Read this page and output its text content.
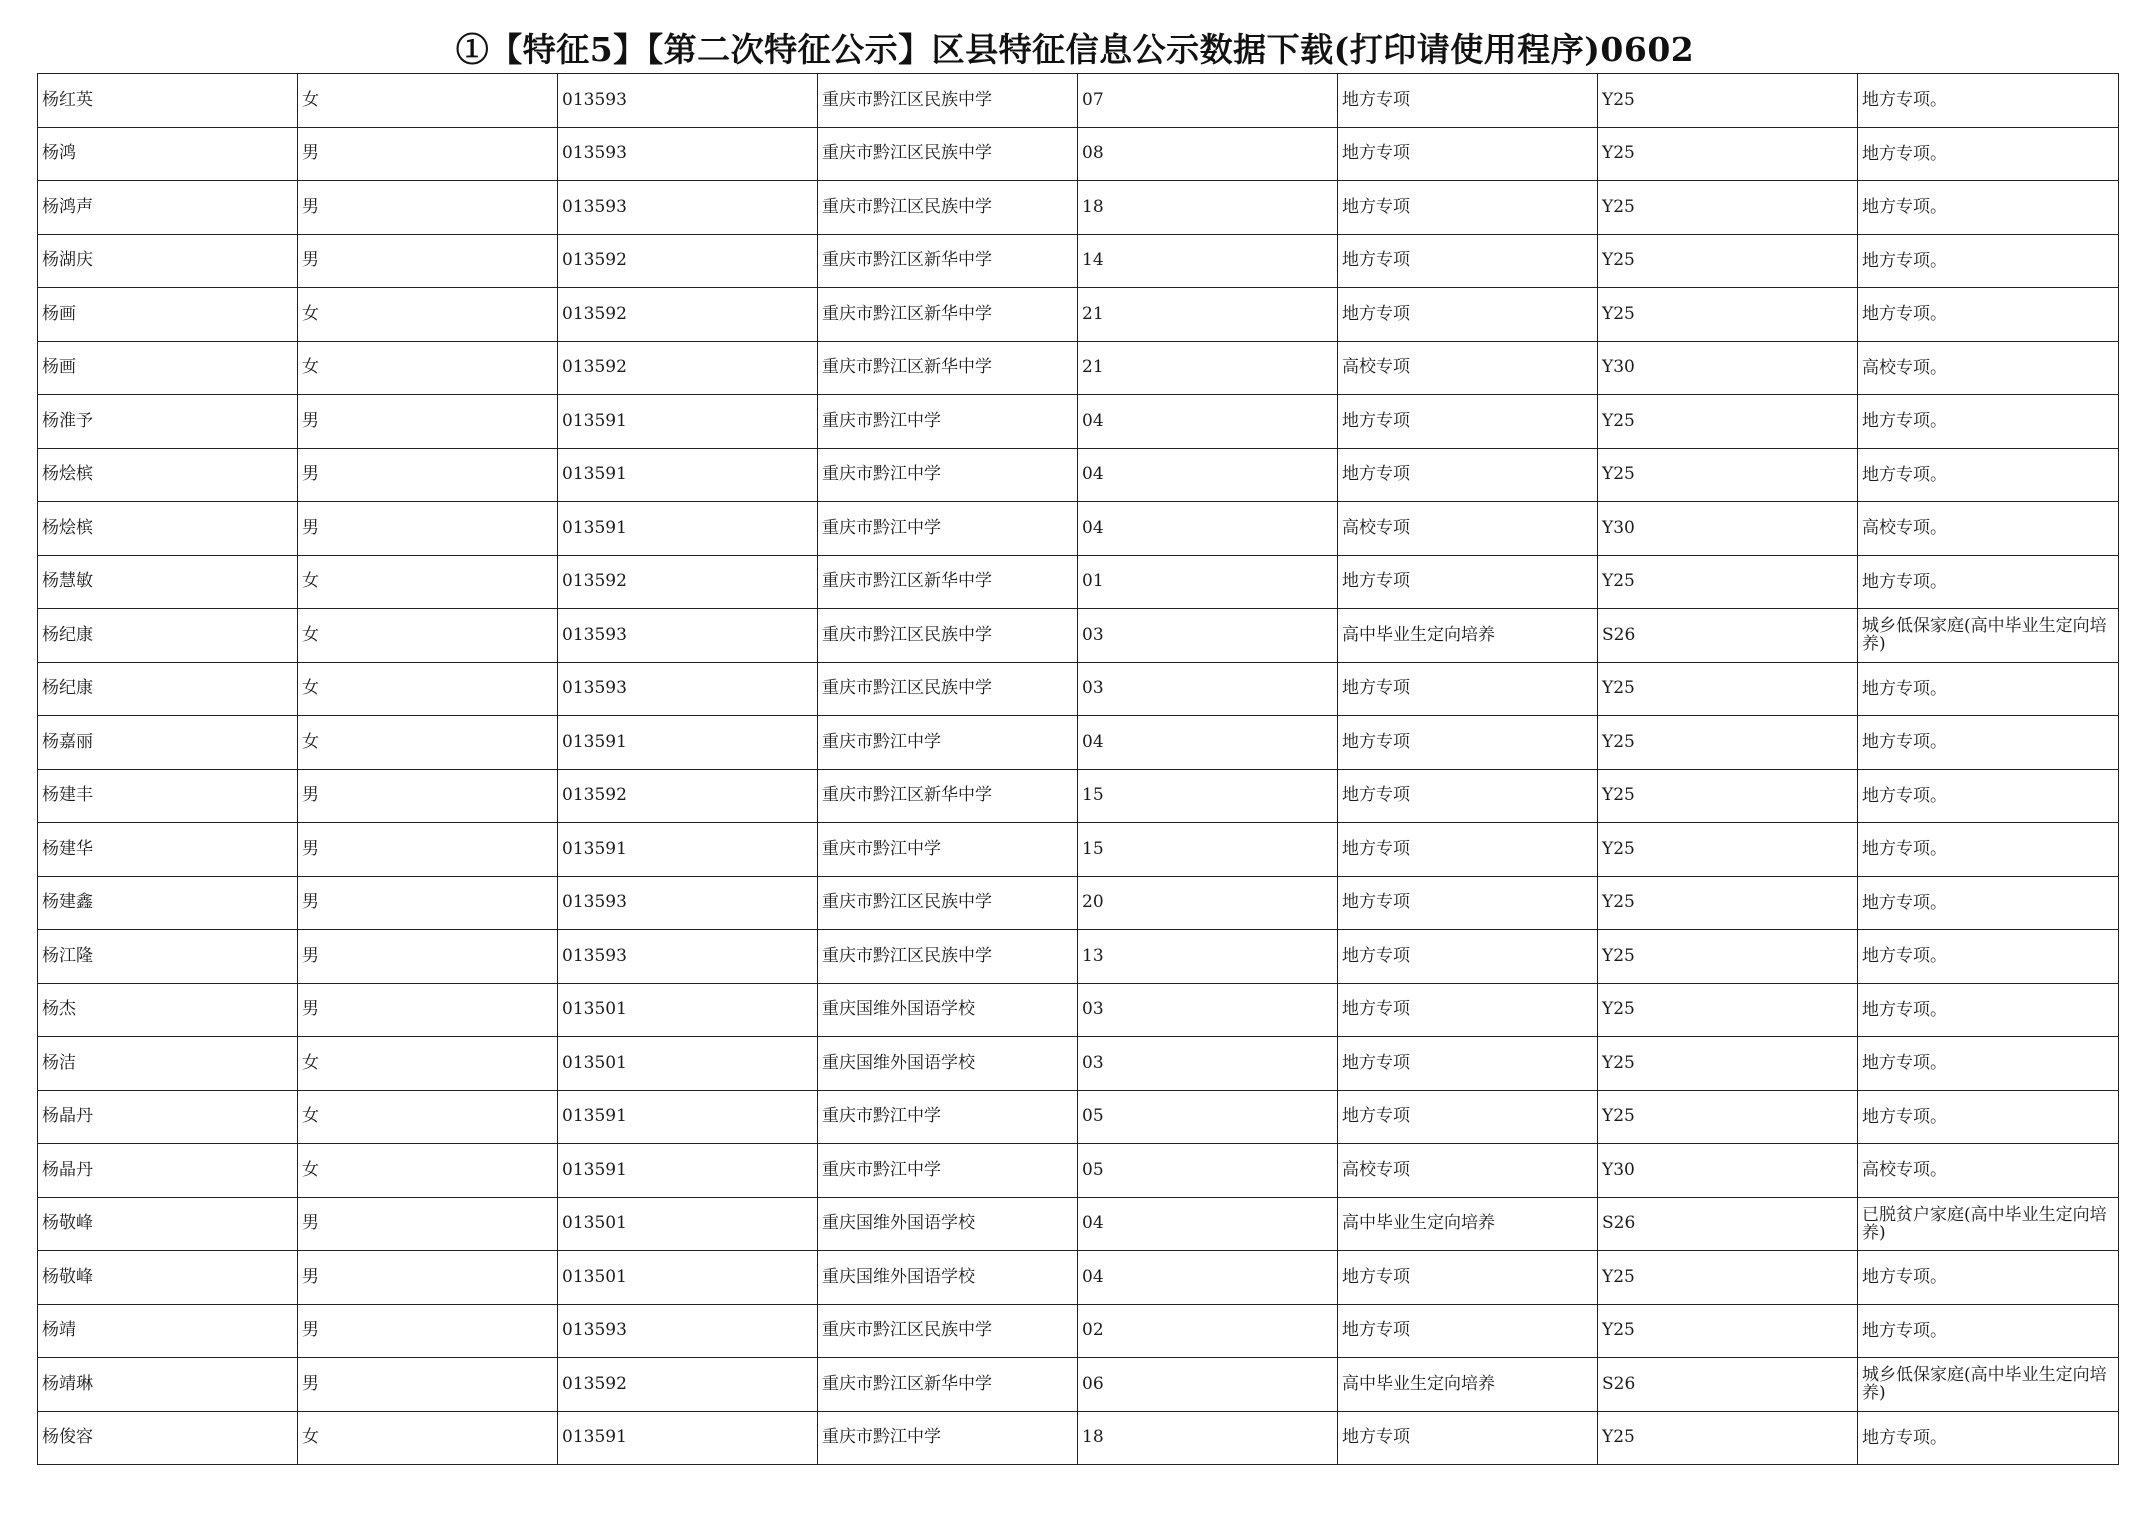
①【特征5】【第二次特征公示】区县特征信息公示数据下载(打印请使用程序)0602
杨红英	女	013593	重庆市黔江区民族中学	07	地方专项	Y25	地方专项。
杨鸿	男	013593	重庆市黔江区民族中学	08	地方专项	Y25	地方专项。
杨鸿声	男	013593	重庆市黔江区民族中学	18	地方专项	Y25	地方专项。
杨湖庆	男	013592	重庆市黔江区新华中学	14	地方专项	Y25	地方专项。
杨画	女	013592	重庆市黔江区新华中学	21	地方专项	Y25	地方专项。
杨画	女	013592	重庆市黔江区新华中学	21	高校专项	Y30	高校专项。
杨淮予	男	013591	重庆市黔江中学	04	地方专项	Y25	地方专项。
杨烩槟	男	013591	重庆市黔江中学	04	地方专项	Y25	地方专项。
杨烩槟	男	013591	重庆市黔江中学	04	高校专项	Y30	高校专项。
杨慧敏	女	013592	重庆市黔江区新华中学	01	地方专项	Y25	地方专项。
杨纪康	女	013593	重庆市黔江区民族中学	03	高中毕业生定向培养	S26	城乡低保家庭(高中毕业生定向培养)
杨纪康	女	013593	重庆市黔江区民族中学	03	地方专项	Y25	地方专项。
杨嘉丽	女	013591	重庆市黔江中学	04	地方专项	Y25	地方专项。
杨建丰	男	013592	重庆市黔江区新华中学	15	地方专项	Y25	地方专项。
杨建华	男	013591	重庆市黔江中学	15	地方专项	Y25	地方专项。
杨建鑫	男	013593	重庆市黔江区民族中学	20	地方专项	Y25	地方专项。
杨江隆	男	013593	重庆市黔江区民族中学	13	地方专项	Y25	地方专项。
杨杰	男	013501	重庆国维外国语学校	03	地方专项	Y25	地方专项。
杨洁	女	013501	重庆国维外国语学校	03	地方专项	Y25	地方专项。
杨晶丹	女	013591	重庆市黔江中学	05	地方专项	Y25	地方专项。
杨晶丹	女	013591	重庆市黔江中学	05	高校专项	Y30	高校专项。
杨敬峰	男	013501	重庆国维外国语学校	04	高中毕业生定向培养	S26	已脱贫户家庭(高中毕业生定向培养)
杨敬峰	男	013501	重庆国维外国语学校	04	地方专项	Y25	地方专项。
杨靖	男	013593	重庆市黔江区民族中学	02	地方专项	Y25	地方专项。
杨靖琳	男	013592	重庆市黔江区新华中学	06	高中毕业生定向培养	S26	城乡低保家庭(高中毕业生定向培养)
杨俊容	女	013591	重庆市黔江中学	18	地方专项	Y25	地方专项。
